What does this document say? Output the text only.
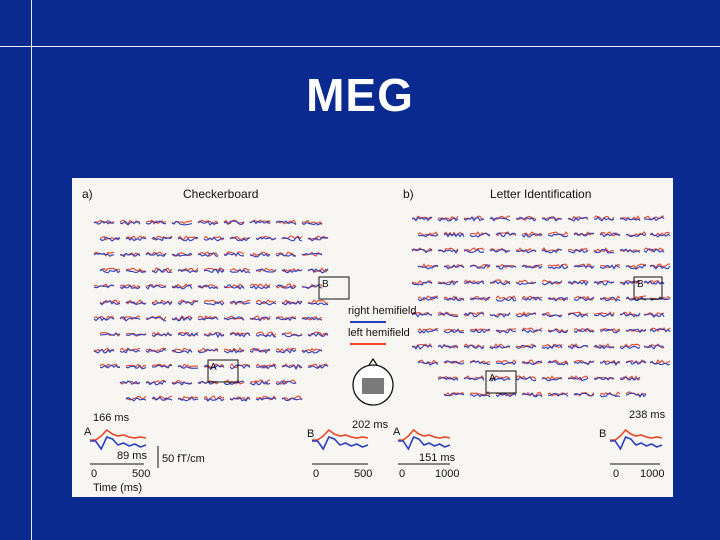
MEG
a)	Checkerboard	b)	Letter Identification
B
A
A
B
right hemifield
left hemifield
166 ms
A
89 ms 50 fT/cm
0	500
Time (ms)
B
202 ms
0	500
A
151 ms
0	1000
B
238 ms
0 1000
